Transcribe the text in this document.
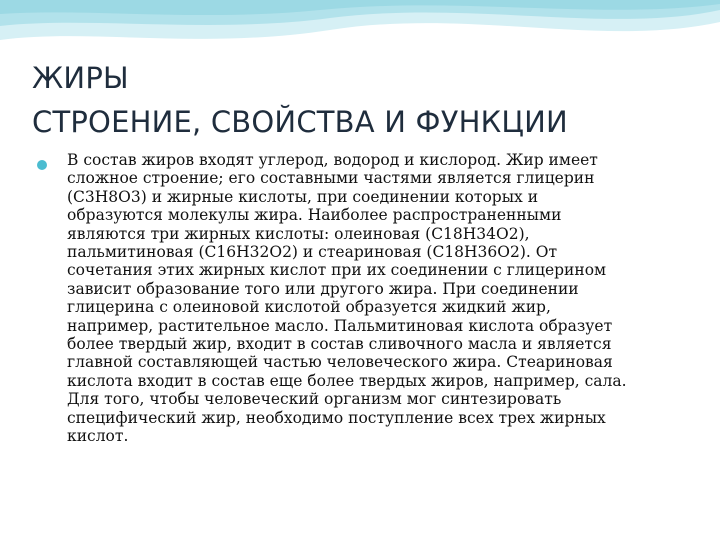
ЖИРЫ
СТРОЕНИЕ, СВОЙСТВА И ФУНКЦИИ
В состав жиров входят углерод, водород и кислород. Жир имеет
сложное строение; его составными частями является глицерин
(С3Н8О3) и жирные кислоты, при соединении которых и
образуются молекулы жира. Наиболее распространенными
являются три жирных кислоты: олеиновая (С18Н34О2),
пальмитиновая (С16Н32О2) и стеариновая (С18Н36О2). От
сочетания этих жирных кислот при их соединении с глицерином
зависит образование того или другого жира. При соединении
глицерина с олеиновой кислотой образуется жидкий жир,
например, растительное масло. Пальмитиновая кислота образует
более твердый жир, входит в состав сливочного масла и является
главной составляющей частью человеческого жира. Стеариновая
кислота входит в состав еще более твердых жиров, например, сала.
Для того, чтобы человеческий организм мог синтезировать
специфический жир, необходимо поступление всех трех жирных
кислот.
